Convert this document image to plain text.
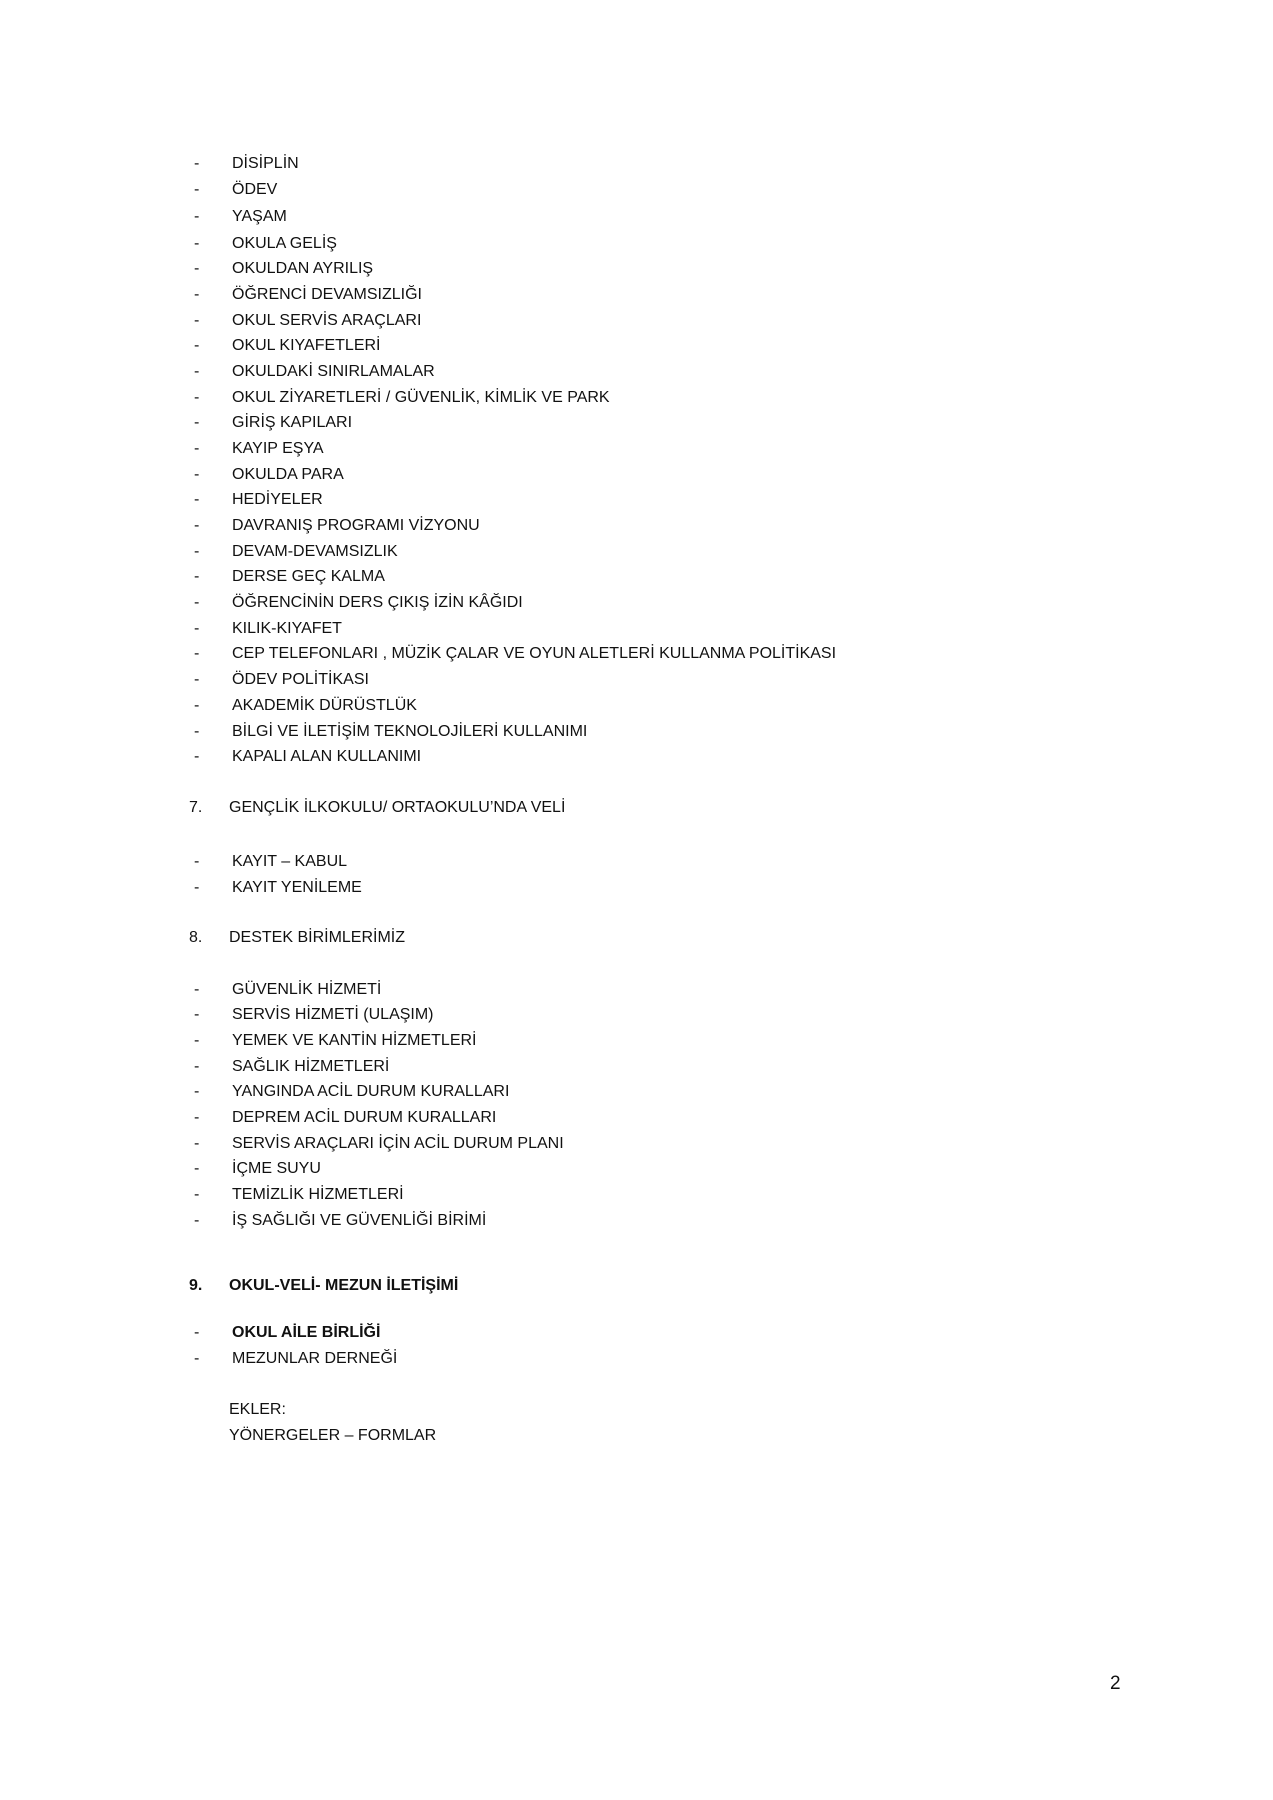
- DİSİPLİN
- ÖDEV
- YAŞAM
- OKULA GELİŞ
- OKULDAN AYRILIŞ
- ÖĞRENCİ DEVAMSIZLIĞI
- OKUL SERVİS ARAÇLARI
- OKUL KIYAFETLERİ
- OKULDAKİ SINIRLAMALAR
- OKUL ZİYARETLERİ / GÜVENLİK, KİMLİK VE PARK
- GİRİŞ KAPILARI
- KAYIP EŞYA
- OKULDA PARA
- HEDİYELER
- DAVRANIŞ PROGRAMI VİZYONU
- DEVAM-DEVAMSIZLIK
- DERSE GEÇ KALMA
- ÖĞRENCİNİN DERS ÇIKIŞ İZİN KÂĞIDI
- KILIK-KIYAFET
- CEP TELEFONLARI , MÜZİK ÇALAR VE OYUN ALETLERİ KULLANMA POLİTİKASI
- ÖDEV POLİTİKASI
- AKADEMİK DÜRÜSTLÜK
- BİLGİ VE İLETİŞİM TEKNOLOJİLERİ KULLANIMI
- KAPALI ALAN KULLANIMI
7. GENÇLİK İLKOKULU/ ORTAOKULU’NDA VELİ
- KAYIT – KABUL
- KAYIT YENİLEME
8. DESTEK BİRİMLERİMİZ
- GÜVENLİK HİZMETİ
- SERVİS HİZMETİ (ULAŞIM)
- YEMEK VE KANTİN HİZMETLERİ
- SAĞLIK HİZMETLERİ
- YANGINDA ACİL DURUM KURALLARI
- DEPREM ACİL DURUM KURALLARI
- SERVİS ARAÇLARI İÇİN ACİL DURUM PLANI
- İÇME SUYU
- TEMİZLİK HİZMETLERİ
- İŞ SAĞLIĞI VE GÜVENLİĞİ BİRİMİ
9. OKUL-VELİ- MEZUN İLETİŞİMİ
- OKUL AİLE BİRLİĞİ
- MEZUNLAR DERNEĞİ
EKLER:
YÖNERGELER – FORMLAR
2
